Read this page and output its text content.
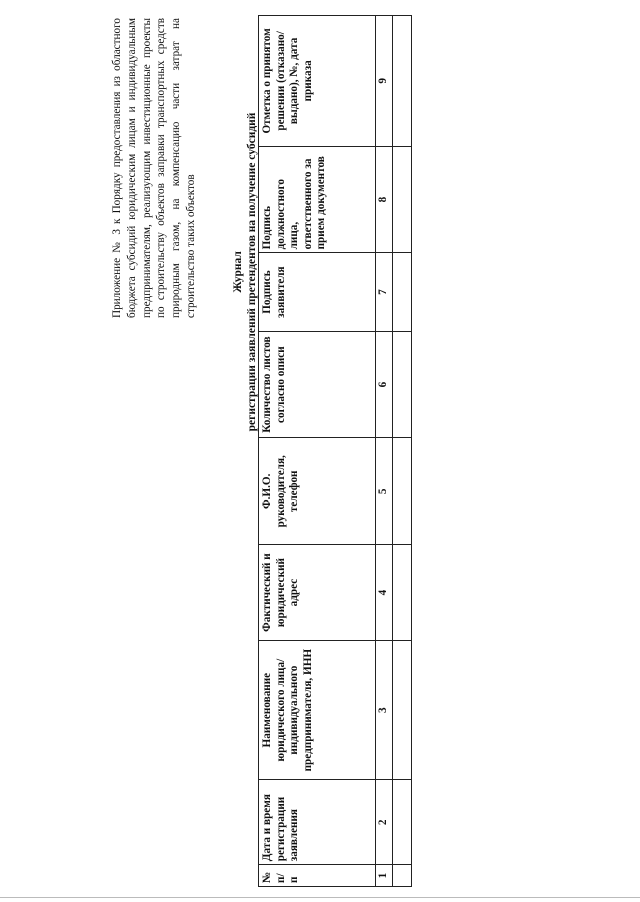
Приложение № 3 к Порядку предоставления из областного бюджета субсидий юридическим лицам и индивидуальным предпринимателям, реализующим инвестиционные проекты по строительству объектов заправки транспортных средств природным газом, на компенсацию части затрат на строительство таких объектов	Журнал регистрации заявлений претендентов на получение субсидий
№ п/п	Дата и время регистрации заявления	Наименование юридического лица/ индивидуального предпринимателя, ИНН	Фактический и юридический адрес	Ф.И.О. руководителя, телефон	Количество листов согласно описи	Подпись заявителя	Подпись должностного лица, ответственного за прием документов	Отметка о принятом решении (отказано/выдано), №, дата приказа
1	2	3	4	5	6	7	8	9
